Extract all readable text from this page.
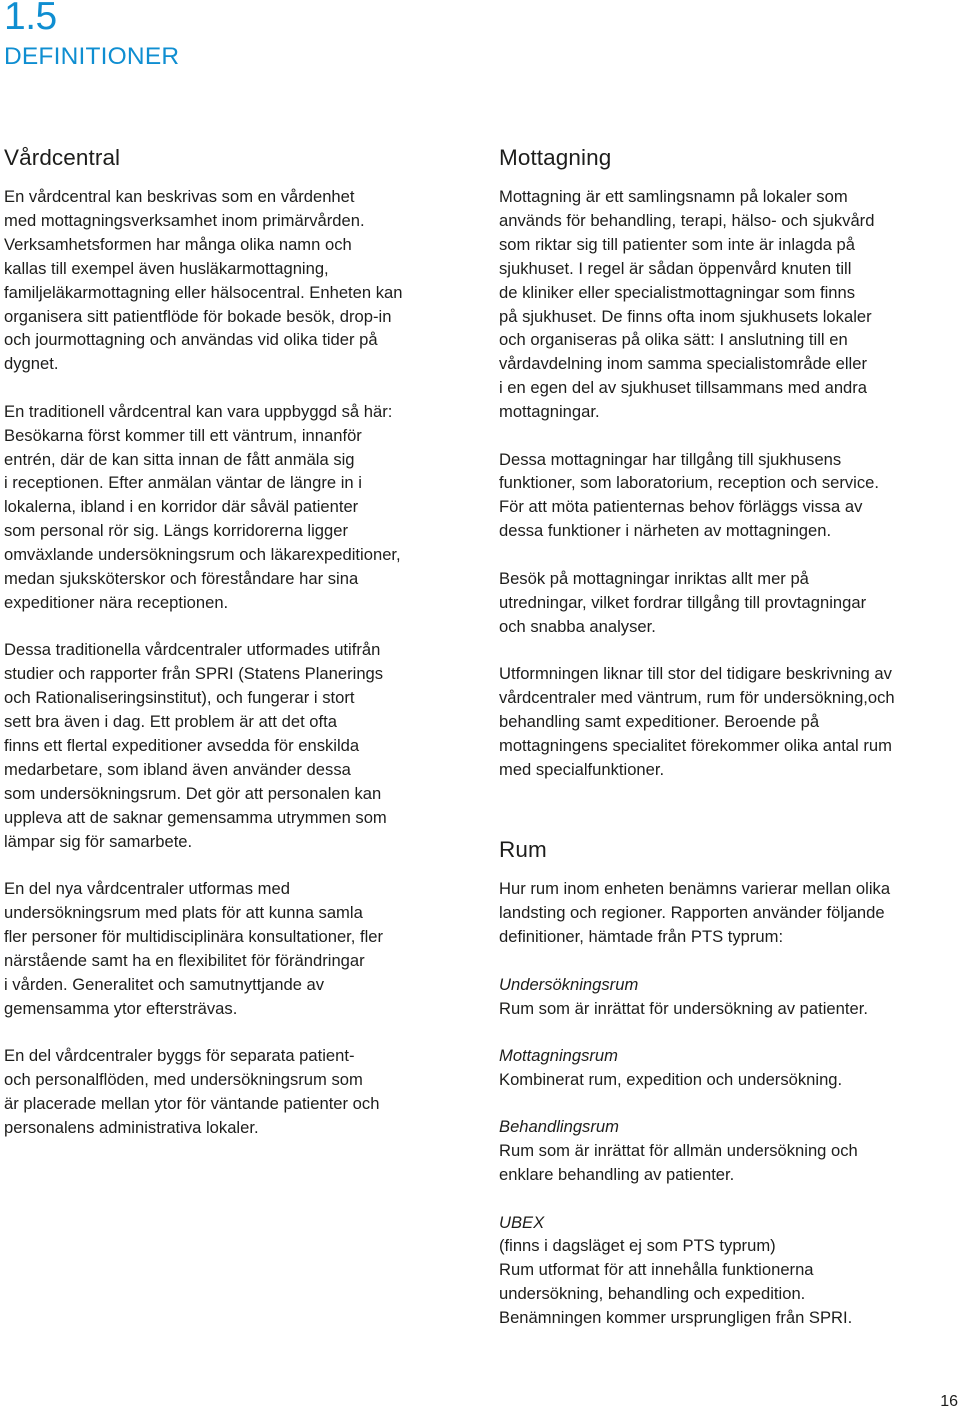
1.5
DEFINITIONER
Vårdcentral

En vårdcentral kan beskrivas som en vårdenhet
med mottagningsverksamhet inom primärvården.
Verksamhetsformen har många olika namn och
kallas till exempel även husläkarmottagning,
familjeläkarmottagning eller hälsocentral. Enheten kan
organisera sitt patientflöde för bokade besök, drop-in
och jourmottagning och användas vid olika tider på
dygnet.

En traditionell vårdcentral kan vara uppbyggd så här:
Besökarna först kommer till ett väntrum, innanför
entrén, där de kan sitta innan de fått anmäla sig
i receptionen. Efter anmälan väntar de längre in i
lokalerna, ibland i en korridor där såväl patienter
som personal rör sig. Längs korridorerna ligger
omväxlande undersökningsrum och läkarexpeditioner,
medan sjuksköterskor och föreståndare har sina
expeditioner nära receptionen.

Dessa traditionella vårdcentraler utformades utifrån
studier och rapporter från SPRI (Statens Planerings
och Rationaliseringsinstitut), och fungerar i stort
sett bra även i dag. Ett problem är att det ofta
finns ett flertal expeditioner avsedda för enskilda
medarbetare, som ibland även använder dessa
som undersökningsrum. Det gör att personalen kan
uppleva att de saknar gemensamma utrymmen som
lämpar sig för samarbete.

En del nya vårdcentraler utformas med
undersökningsrum med plats för att kunna samla
fler personer för multidisciplinära konsultationer, fler
närstående samt ha en flexibilitet för förändringar
i vården. Generalitet och samutnyttjande av
gemensamma ytor eftersträvas.

En del vårdcentraler byggs för separata patient-
och personalflöden, med undersökningsrum som
är placerade mellan ytor för väntande patienter och
personalens administrativa lokaler.

Mottagning

Mottagning är ett samlingsnamn på lokaler som
används för behandling, terapi, hälso- och sjukvård
som riktar sig till patienter som inte är inlagda på
sjukhuset. I regel är sådan öppenvård knuten till
de kliniker eller specialistmottagningar som finns
på sjukhuset. De finns ofta inom sjukhusets lokaler
och organiseras på olika sätt: I anslutning till en
vårdavdelning inom samma specialistområde eller
i en egen del av sjukhuset tillsammans med andra
mottagningar.

Dessa mottagningar har tillgång till sjukhusens
funktioner, som laboratorium, reception och service.
För att möta patienternas behov förläggs vissa av
dessa funktioner i närheten av mottagningen.

Besök på mottagningar inriktas allt mer på
utredningar, vilket fordrar tillgång till provtagningar
och snabba analyser.

Utformningen liknar till stor del tidigare beskrivning av
vårdcentraler med väntrum, rum för undersökning,och
behandling samt expeditioner. Beroende på
mottagningens specialitet förekommer olika antal rum
med specialfunktioner.

Rum

Hur rum inom enheten benämns varierar mellan olika
landsting och regioner. Rapporten använder följande
definitioner, hämtade från PTS typrum:

Undersökningsrum
Rum som är inrättat för undersökning av patienter.
Mottagningsrum
Kombinerat rum, expedition och undersökning.
Behandlingsrum
Rum som är inrättat för allmän undersökning och
enklare behandling av patienter.
UBEX
(finns i dagsläget ej som PTS typrum)
Rum utformat för att innehålla funktionerna
undersökning, behandling och expedition.
Benämningen kommer ursprungligen från SPRI.
16
